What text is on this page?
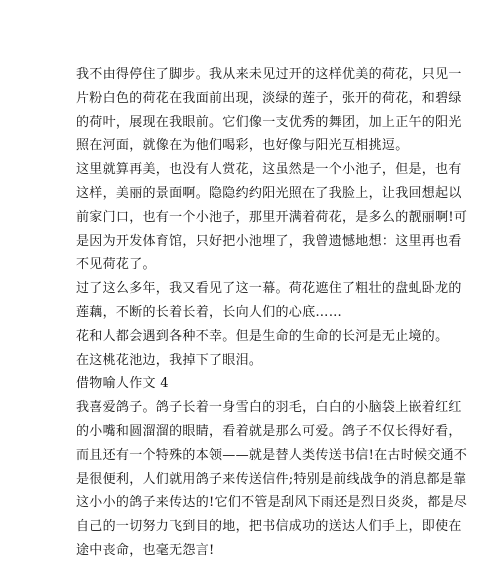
我不由得停住了脚步。我从来未见过开的这样优美的荷花，只见一
片粉白色的荷花在我面前出现，淡绿的莲子，张开的荷花，和碧绿
的荷叶，展现在我眼前。它们像一支优秀的舞团，加上正午的阳光
照在河面，就像在为他们喝彩，也好像与阳光互相挑逗。
这里就算再美，也没有人赏花，这虽然是一个小池子，但是，也有
这样，美丽的景面啊。隐隐约约阳光照在了我脸上，让我回想起以
前家门口，也有一个小池子，那里开满着荷花，是多么的靓丽啊!可
是因为开发体育馆，只好把小池埋了，我曾遗憾地想：这里再也看
不见荷花了。
过了这么多年，我又看见了这一幕。荷花遮住了粗壮的盘虬卧龙的
莲藕，不断的长着长着，长向人们的心底……
花和人都会遇到各种不幸。但是生命的生命的长河是无止境的。
在这桃花池边，我掉下了眼泪。
借物喻人作文 4
我喜爱鸽子。鸽子长着一身雪白的羽毛，白白的小脑袋上嵌着红红
的小嘴和圆溜溜的眼睛，看着就是那么可爱。鸽子不仅长得好看，
而且还有一个特殊的本领——就是替人类传送书信!在古时候交通不
是很便利，人们就用鸽子来传送信件;特别是前线战争的消息都是靠
这小小的鸽子来传达的!它们不管是刮风下雨还是烈日炎炎，都是尽
自己的一切努力飞到目的地，把书信成功的送达人们手上，即使在
途中丧命，也毫无怨言!
